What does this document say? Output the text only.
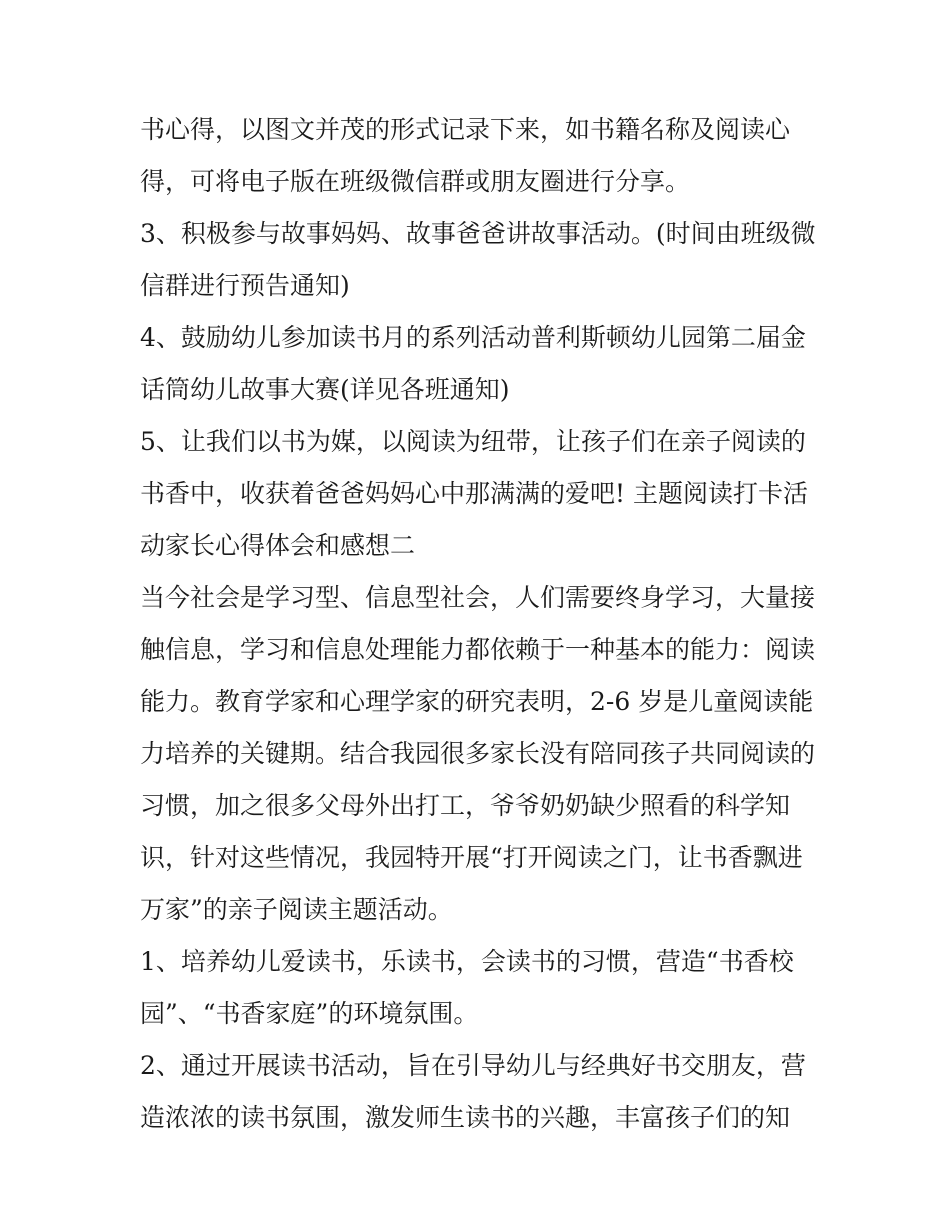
书心得，以图文并茂的形式记录下来，如书籍名称及阅读心
得，可将电子版在班级微信群或朋友圈进行分享。
3、积极参与故事妈妈、故事爸爸讲故事活动。(时间由班级微
信群进行预告通知)
4、鼓励幼儿参加读书月的系列活动普利斯顿幼儿园第二届金
话筒幼儿故事大赛(详见各班通知)
5、让我们以书为媒，以阅读为纽带，让孩子们在亲子阅读的
书香中，收获着爸爸妈妈心中那满满的爱吧! 主题阅读打卡活
动家长心得体会和感想二
当今社会是学习型、信息型社会，人们需要终身学习，大量接
触信息，学习和信息处理能力都依赖于一种基本的能力：阅读
能力。教育学家和心理学家的研究表明，2-6 岁是儿童阅读能
力培养的关键期。结合我园很多家长没有陪同孩子共同阅读的
习惯，加之很多父母外出打工，爷爷奶奶缺少照看的科学知
识，针对这些情况，我园特开展“打开阅读之门，让书香飘进
万家”的亲子阅读主题活动。
1、培养幼儿爱读书，乐读书，会读书的习惯，营造“书香校
园”、“书香家庭”的环境氛围。
2、通过开展读书活动，旨在引导幼儿与经典好书交朋友，营
造浓浓的读书氛围，激发师生读书的兴趣，丰富孩子们的知
